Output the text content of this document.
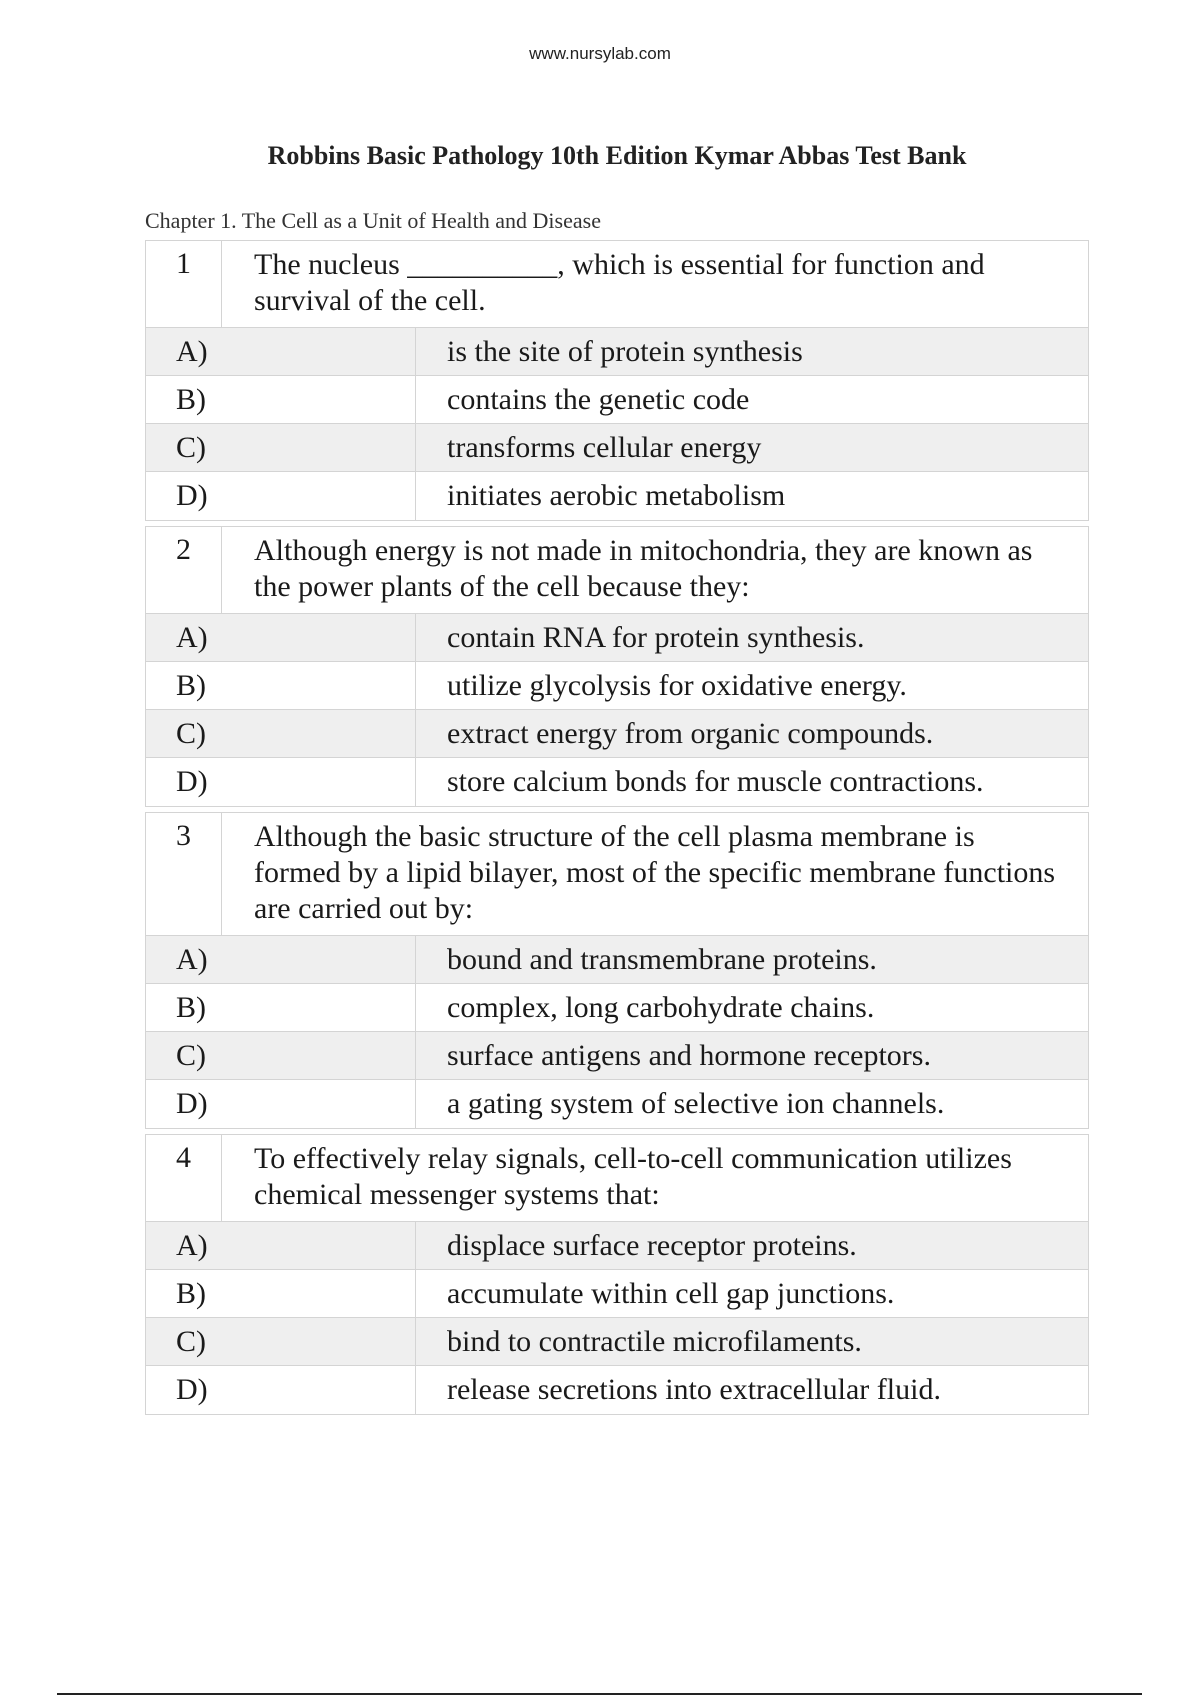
www.nursylab.com
Robbins Basic Pathology 10th Edition Kymar Abbas Test Bank
Chapter 1. The Cell as a Unit of Health and Disease
1	The nucleus __________, which is essential for function and survival of the cell.
A)	is the site of protein synthesis
B)	contains the genetic code
C)	transforms cellular energy
D)	initiates aerobic metabolism
2	Although energy is not made in mitochondria, they are known as the power plants of the cell because they:
A)	contain RNA for protein synthesis.
B)	utilize glycolysis for oxidative energy.
C)	extract energy from organic compounds.
D)	store calcium bonds for muscle contractions.
3	Although the basic structure of the cell plasma membrane is formed by a lipid bilayer, most of the specific membrane functions are carried out by:
A)	bound and transmembrane proteins.
B)	complex, long carbohydrate chains.
C)	surface antigens and hormone receptors.
D)	a gating system of selective ion channels.
4	To effectively relay signals, cell-to-cell communication utilizes chemical messenger systems that:
A)	displace surface receptor proteins.
B)	accumulate within cell gap junctions.
C)	bind to contractile microfilaments.
D)	release secretions into extracellular fluid.
